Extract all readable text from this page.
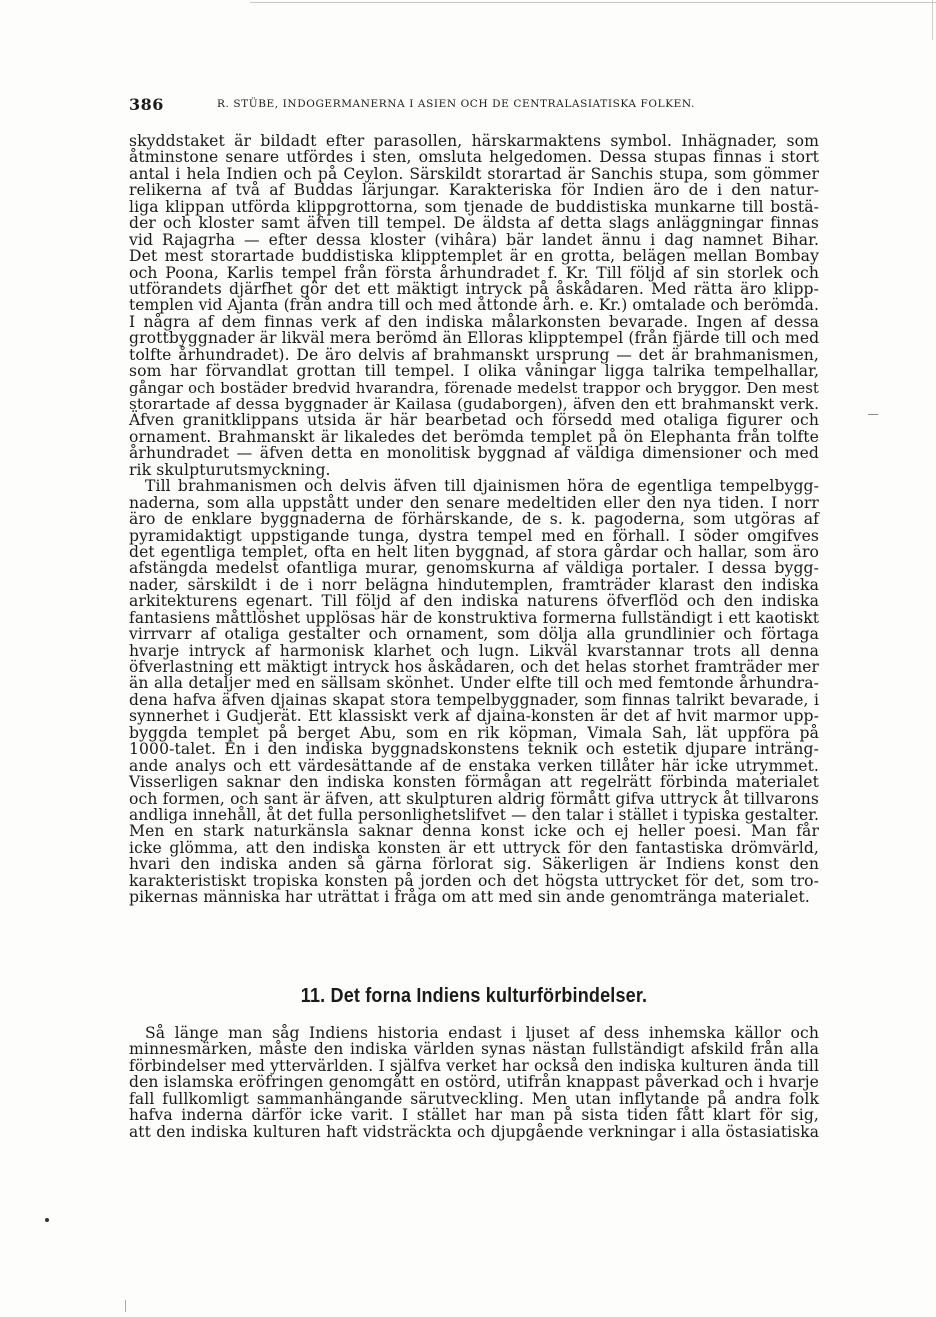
386	R. STÜBE, INDOGERMANERNA I ASIEN OCH DE CENTRALASIATISKA FOLKEN.
skyddstaket är bildadt efter parasollen, härskarmaktens symbol. Inhägnader, som
åtminstone senare utfördes i sten, omsluta helgedomen. Dessa stupas finnas i stort
antal i hela Indien och på Ceylon. Särskildt storartad är Sanchis stupa, som gömmer
relikerna af två af Buddas lärjungar. Karakteriska för Indien äro de i den natur-
liga klippan utförda klippgrottorna, som tjenade de buddistiska munkarne till bostä-
der och kloster samt äfven till tempel. De äldsta af detta slags anläggningar finnas
vid Rajagrha — efter dessa kloster (vihâra) bär landet ännu i dag namnet Bihar.
Det mest storartade buddistiska klipptemplet är en grotta, belägen mellan Bombay
och Poona, Karlis tempel från första århundradet f. Kr. Till följd af sin storlek och
utförandets djärfhet gör det ett mäktigt intryck på åskådaren. Med rätta äro klipp-
templen vid Ajanta (från andra till och med åttonde årh. e. Kr.) omtalade och berömda.
I några af dem finnas verk af den indiska målarkonsten bevarade. Ingen af dessa
grottbyggnader är likväl mera berömd än Elloras klipptempel (från fjärde till och med
tolfte århundradet). De äro delvis af brahmanskt ursprung — det är brahmanismen,
som har förvandlat grottan till tempel. I olika våningar ligga talrika tempelhallar,
gångar och bostäder bredvid hvarandra, förenade medelst trappor och bryggor. Den mest
storartade af dessa byggnader är Kailasa (gudaborgen), äfven den ett brahmanskt verk.
Äfven granitklippans utsida är här bearbetad och försedd med otaliga figurer och
ornament. Brahmanskt är likaledes det berömda templet på ön Elephanta från tolfte
århundradet — äfven detta en monolitisk byggnad af väldiga dimensioner och med
rik skulpturutsmyckning.
Till brahmanismen och delvis äfven till djainismen höra de egentliga tempelbygg-
naderna, som alla uppstått under den senare medeltiden eller den nya tiden. I norr
äro de enklare byggnaderna de förhärskande, de s. k. pagoderna, som utgöras af
pyramidaktigt uppstigande tunga, dystra tempel med en förhall. I söder omgifves
det egentliga templet, ofta en helt liten byggnad, af stora gårdar och hallar, som äro
afstängda medelst ofantliga murar, genomskurna af väldiga portaler. I dessa bygg-
nader, särskildt i de i norr belägna hindutemplen, framträder klarast den indiska
arkitekturens egenart. Till följd af den indiska naturens öfverflöd och den indiska
fantasiens måttlöshet upplösas här de konstruktiva formerna fullständigt i ett kaotiskt
virrvarr af otaliga gestalter och ornament, som dölja alla grundlinier och förtaga
hvarje intryck af harmonisk klarhet och lugn. Likväl kvarstannar trots all denna
öfverlastning ett mäktigt intryck hos åskådaren, och det helas storhet framträder mer
än alla detaljer med en sällsam skönhet. Under elfte till och med femtonde århundra-
dena hafva äfven djainas skapat stora tempelbyggnader, som finnas talrikt bevarade, i
synnerhet i Gudjerät. Ett klassiskt verk af djaina-konsten är det af hvit marmor upp-
byggda templet på berget Abu, som en rik köpman, Vimala Sah, lät uppföra på
1000-talet. En i den indiska byggnadskonstens teknik och estetik djupare inträng-
ande analys och ett värdesättande af de enstaka verken tillåter här icke utrymmet.
Visserligen saknar den indiska konsten förmågan att regelrätt förbinda materialet
och formen, och sant är äfven, att skulpturen aldrig förmått gifva uttryck åt tillvarons
andliga innehåll, åt det fulla personlighetslifvet — den talar i stället i typiska gestalter.
Men en stark naturkänsla saknar denna konst icke och ej heller poesi. Man får
icke glömma, att den indiska konsten är ett uttryck för den fantastiska drömvärld,
hvari den indiska anden så gärna förlorat sig. Säkerligen är Indiens konst den
karakteristiskt tropiska konsten på jorden och det högsta uttrycket för det, som tro-
pikernas människa har uträttat i fråga om att med sin ande genomtränga materialet.
11. Det forna Indiens kulturförbindelser.
Så länge man såg Indiens historia endast i ljuset af dess inhemska källor och
minnesmärken, måste den indiska världen synas nästan fullständigt afskild från alla
förbindelser med yttervärlden. I själfva verket har också den indiska kulturen ända till
den islamska eröfringen genomgått en ostörd, utifrån knappast påverkad och i hvarje
fall fullkomligt sammanhängande särutveckling. Men utan inflytande på andra folk
hafva inderna därför icke varit. I stället har man på sista tiden fått klart för sig,
att den indiska kulturen haft vidsträckta och djupgående verkningar i alla östasiatiska
